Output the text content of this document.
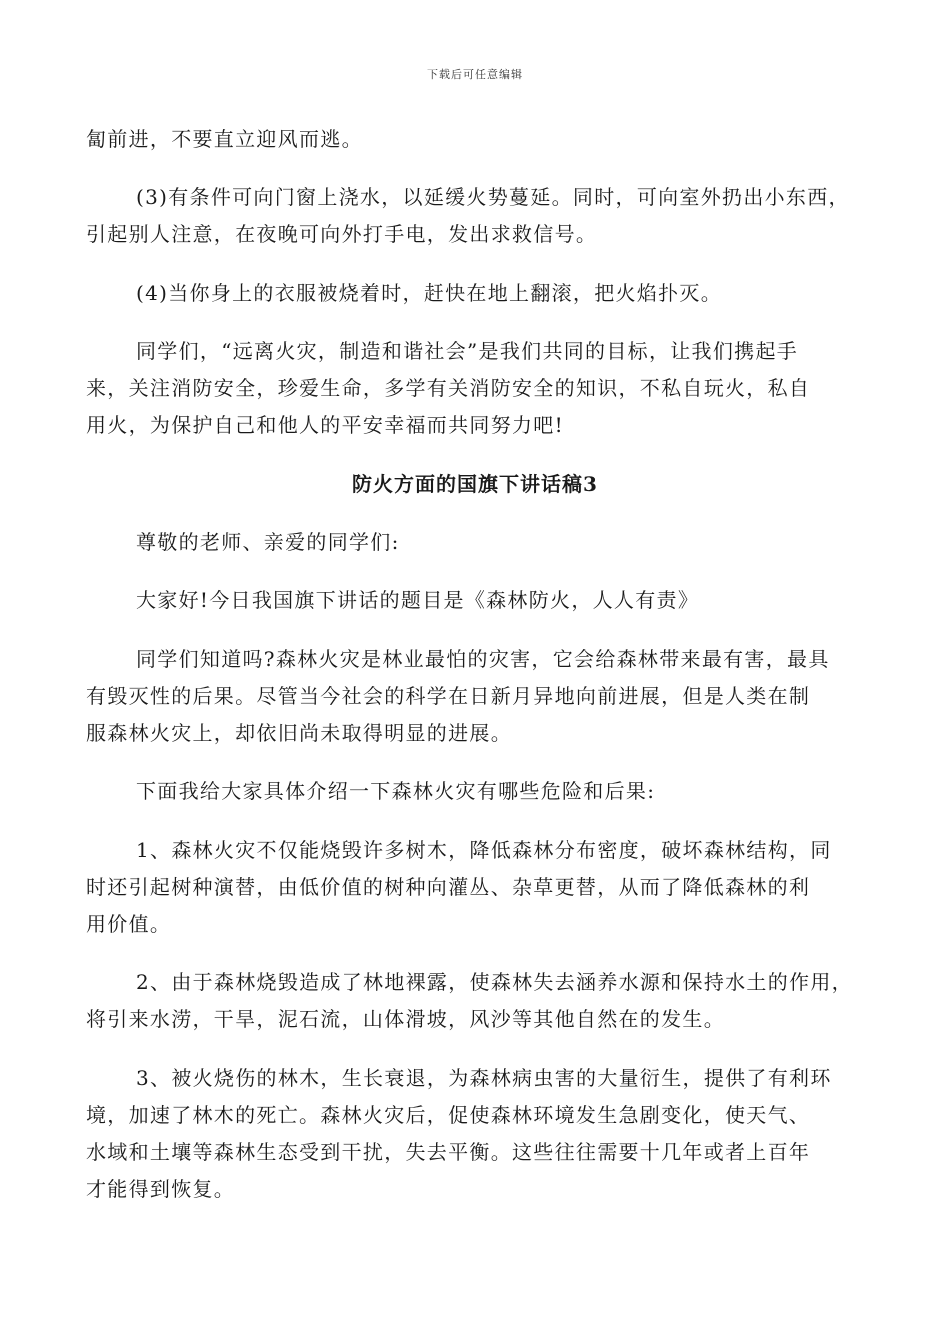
下载后可任意编辑
匐前进，不要直立迎风而逃。
(3)有条件可向门窗上浇水，以延缓火势蔓延。同时，可向室外扔出小东西，
引起别人注意，在夜晚可向外打手电，发出求救信号。
(4)当你身上的衣服被烧着时，赶快在地上翻滚，把火焰扑灭。
同学们，“远离火灾，制造和谐社会”是我们共同的目标，让我们携起手
来，关注消防安全，珍爱生命，多学有关消防安全的知识，不私自玩火，私自
用火，为保护自己和他人的平安幸福而共同努力吧!
防火方面的国旗下讲话稿3
尊敬的老师、亲爱的同学们:
大家好!今日我国旗下讲话的题目是《森林防火，人人有责》
同学们知道吗?森林火灾是林业最怕的灾害，它会给森林带来最有害，最具
有毁灭性的后果。尽管当今社会的科学在日新月异地向前进展，但是人类在制
服森林火灾上，却依旧尚未取得明显的进展。
下面我给大家具体介绍一下森林火灾有哪些危险和后果:
1、森林火灾不仅能烧毁许多树木，降低森林分布密度，破坏森林结构，同
时还引起树种演替，由低价值的树种向灌丛、杂草更替，从而了降低森林的利
用价值。
2、由于森林烧毁造成了林地裸露，使森林失去涵养水源和保持水土的作用，
将引来水涝，干旱，泥石流，山体滑坡，风沙等其他自然在的发生。
3、被火烧伤的林木，生长衰退，为森林病虫害的大量衍生，提供了有利环
境，加速了林木的死亡。森林火灾后，促使森林环境发生急剧变化，使天气、
水域和土壤等森林生态受到干扰，失去平衡。这些往往需要十几年或者上百年
才能得到恢复。
